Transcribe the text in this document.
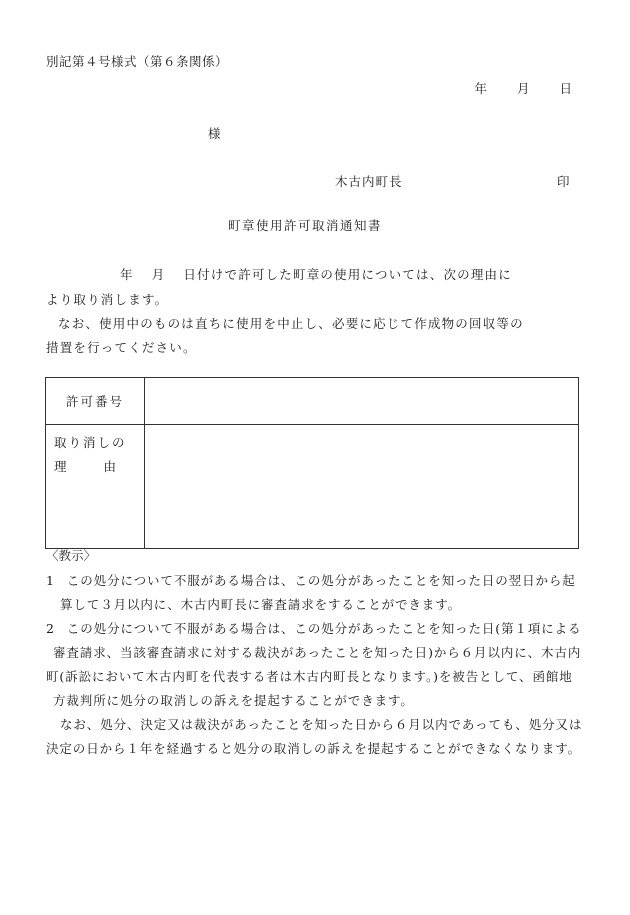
別記第４号様式（第６条関係）
年 月 日
様
木古内町長	印
町章使用許可取消通知書
年 月 日付けで許可した町章の使用については、次の理由に
より取り消します。
なお、使用中のものは直ちに使用を中止し、必要に応じて作成物の回収等の
措置を行ってください。
許可番号	

取り消しの
理 由	

〈教示〉
1 この処分について不服がある場合は、この処分があったことを知った日の翌日から起
算して３月以内に、木古内町長に審査請求をすることができます。
2 この処分について不服がある場合は、この処分があったことを知った日(第１項による
審査請求、当該審査請求に対する裁決があったことを知った日)から６月以内に、木古内
町(訴訟において木古内町を代表する者は木古内町長となります。)を被告として、函館地
方裁判所に処分の取消しの訴えを提起することができます。
なお、処分、決定又は裁決があったことを知った日から６月以内であっても、処分又は
決定の日から１年を経過すると処分の取消しの訴えを提起することができなくなります。
